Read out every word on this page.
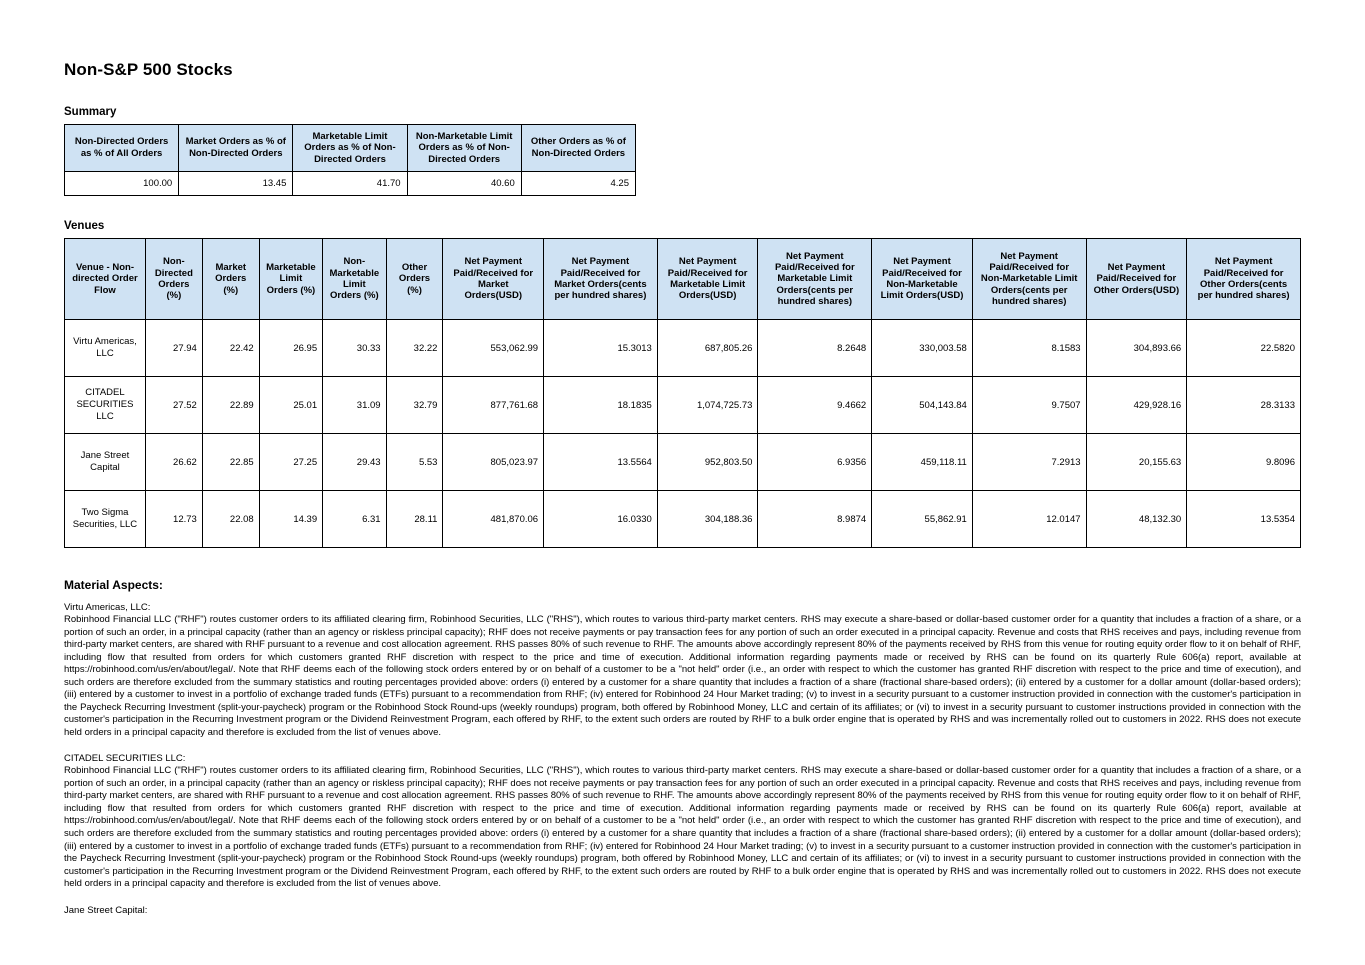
Non-S&P 500 Stocks
Summary
Non-Directed Orders as % of All Orders	Market Orders as % of Non-Directed Orders	Marketable Limit Orders as % of Non-Directed Orders	Non-Marketable Limit Orders as % of Non-Directed Orders	Other Orders as % of Non-Directed Orders
100.00	13.45	41.70	40.60	4.25
Venues
Venue - Non-directed Order Flow	Non-Directed Orders (%)	Market Orders (%)	Marketable Limit Orders (%)	Non-Marketable Limit Orders (%)	Other Orders (%)	Net Payment Paid/Received for Market Orders(USD)	Net Payment Paid/Received for Market Orders(cents per hundred shares)	Net Payment Paid/Received for Marketable Limit Orders(USD)	Net Payment Paid/Received for Marketable Limit Orders(cents per hundred shares)	Net Payment Paid/Received for Non-Marketable Limit Orders(USD)	Net Payment Paid/Received for Non-Marketable Limit Orders(cents per hundred shares)	Net Payment Paid/Received for Other Orders(USD)	Net Payment Paid/Received for Other Orders(cents per hundred shares)
Virtu Americas, LLC	27.94	22.42	26.95	30.33	32.22	553,062.99	15.3013	687,805.26	8.2648	330,003.58	8.1583	304,893.66	22.5820
CITADEL SECURITIES LLC	27.52	22.89	25.01	31.09	32.79	877,761.68	18.1835	1,074,725.73	9.4662	504,143.84	9.7507	429,928.16	28.3133
Jane Street Capital	26.62	22.85	27.25	29.43	5.53	805,023.97	13.5564	952,803.50	6.9356	459,118.11	7.2913	20,155.63	9.8096
Two Sigma Securities, LLC	12.73	22.08	14.39	6.31	28.11	481,870.06	16.0330	304,188.36	8.9874	55,862.91	12.0147	48,132.30	13.5354
Material Aspects:
Virtu Americas, LLC:

Robinhood Financial LLC ("RHF") routes customer orders to its affiliated clearing firm, Robinhood Securities, LLC ("RHS"), which routes to various third-party market centers. RHS may execute a share-based or dollar-based customer order for a quantity that includes a fraction of a share, or a portion of such an order, in a principal capacity (rather than an agency or riskless principal capacity); RHF does not receive payments or pay transaction fees for any portion of such an order executed in a principal capacity. Revenue and costs that RHS receives and pays, including revenue from third-party market centers, are shared with RHF pursuant to a revenue and cost allocation agreement. RHS passes 80% of such revenue to RHF. The amounts above accordingly represent 80% of the payments received by RHS from this venue for routing equity order flow to it on behalf of RHF, including flow that resulted from orders for which customers granted RHF discretion with respect to the price and time of execution. Additional information regarding payments made or received by RHS can be found on its quarterly Rule 606(a) report, available at https://robinhood.com/us/en/about/legal/. Note that RHF deems each of the following stock orders entered by or on behalf of a customer to be a "not held" order (i.e., an order with respect to which the customer has granted RHF discretion with respect to the price and time of execution), and such orders are therefore excluded from the summary statistics and routing percentages provided above: orders (i) entered by a customer for a share quantity that includes a fraction of a share (fractional share-based orders); (ii) entered by a customer for a dollar amount (dollar-based orders); (iii) entered by a customer to invest in a portfolio of exchange traded funds (ETFs) pursuant to a recommendation from RHF; (iv) entered for Robinhood 24 Hour Market trading; (v) to invest in a security pursuant to a customer instruction provided in connection with the customer's participation in the Paycheck Recurring Investment (split-your-paycheck) program or the Robinhood Stock Round-ups (weekly roundups) program, both offered by Robinhood Money, LLC and certain of its affiliates; or (vi) to invest in a security pursuant to customer instructions provided in connection with the customer's participation in the Recurring Investment program or the Dividend Reinvestment Program, each offered by RHF, to the extent such orders are routed by RHF to a bulk order engine that is operated by RHS and was incrementally rolled out to customers in 2022. RHS does not execute held orders in a principal capacity and therefore is excluded from the list of venues above.

CITADEL SECURITIES LLC:

Robinhood Financial LLC ("RHF") routes customer orders to its affiliated clearing firm, Robinhood Securities, LLC ("RHS"), which routes to various third-party market centers. RHS may execute a share-based or dollar-based customer order for a quantity that includes a fraction of a share, or a portion of such an order, in a principal capacity (rather than an agency or riskless principal capacity); RHF does not receive payments or pay transaction fees for any portion of such an order executed in a principal capacity. Revenue and costs that RHS receives and pays, including revenue from third-party market centers, are shared with RHF pursuant to a revenue and cost allocation agreement. RHS passes 80% of such revenue to RHF. The amounts above accordingly represent 80% of the payments received by RHS from this venue for routing equity order flow to it on behalf of RHF, including flow that resulted from orders for which customers granted RHF discretion with respect to the price and time of execution. Additional information regarding payments made or received by RHS can be found on its quarterly Rule 606(a) report, available at https://robinhood.com/us/en/about/legal/. Note that RHF deems each of the following stock orders entered by or on behalf of a customer to be a "not held" order (i.e., an order with respect to which the customer has granted RHF discretion with respect to the price and time of execution), and such orders are therefore excluded from the summary statistics and routing percentages provided above: orders (i) entered by a customer for a share quantity that includes a fraction of a share (fractional share-based orders); (ii) entered by a customer for a dollar amount (dollar-based orders); (iii) entered by a customer to invest in a portfolio of exchange traded funds (ETFs) pursuant to a recommendation from RHF; (iv) entered for Robinhood 24 Hour Market trading; (v) to invest in a security pursuant to a customer instruction provided in connection with the customer's participation in the Paycheck Recurring Investment (split-your-paycheck) program or the Robinhood Stock Round-ups (weekly roundups) program, both offered by Robinhood Money, LLC and certain of its affiliates; or (vi) to invest in a security pursuant to customer instructions provided in connection with the customer's participation in the Recurring Investment program or the Dividend Reinvestment Program, each offered by RHF, to the extent such orders are routed by RHF to a bulk order engine that is operated by RHS and was incrementally rolled out to customers in 2022. RHS does not execute held orders in a principal capacity and therefore is excluded from the list of venues above.

Jane Street Capital:
